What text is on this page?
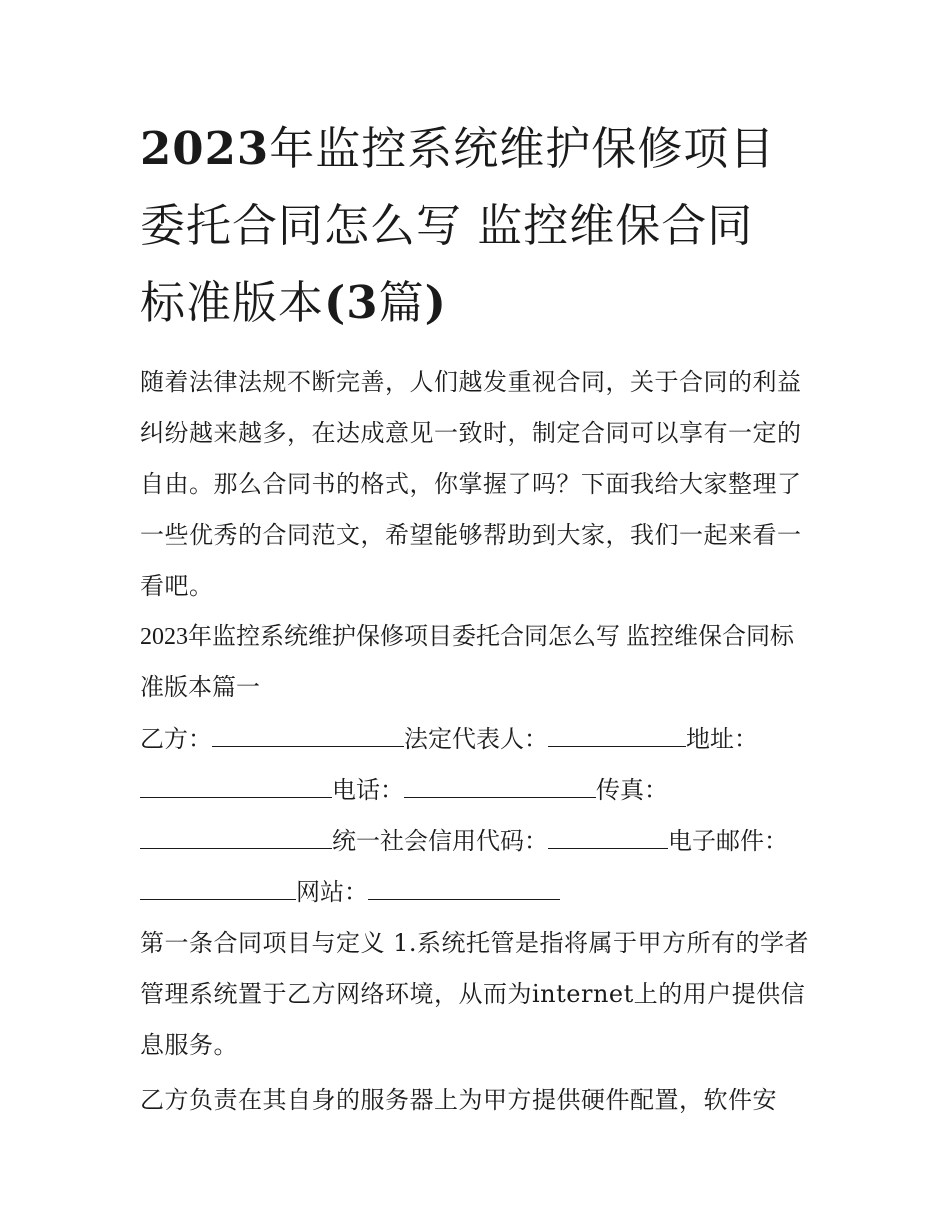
2023年监控系统维护保修项目
委托合同怎么写 监控维保合同
标准版本(3篇)

随着法律法规不断完善，人们越发重视合同，关于合同的利益纠纷越来越多，在达成意见一致时，制定合同可以享有一定的自由。那么合同书的格式，你掌握了吗？下面我给大家整理了一些优秀的合同范文，希望能够帮助到大家，我们一起来看一看吧。

2023年监控系统维护保修项目委托合同怎么写 监控维保合同标准版本篇一

乙方：	法定代表人：	地址：
电话：	传真：
统一社会信用代码：	电子邮件：
网站：

第一条合同项目与定义 1.系统托管是指将属于甲方所有的学者管理系统置于乙方网络环境，从而为internet上的用户提供信息服务。

乙方负责在其自身的服务器上为甲方提供硬件配置，软件安
